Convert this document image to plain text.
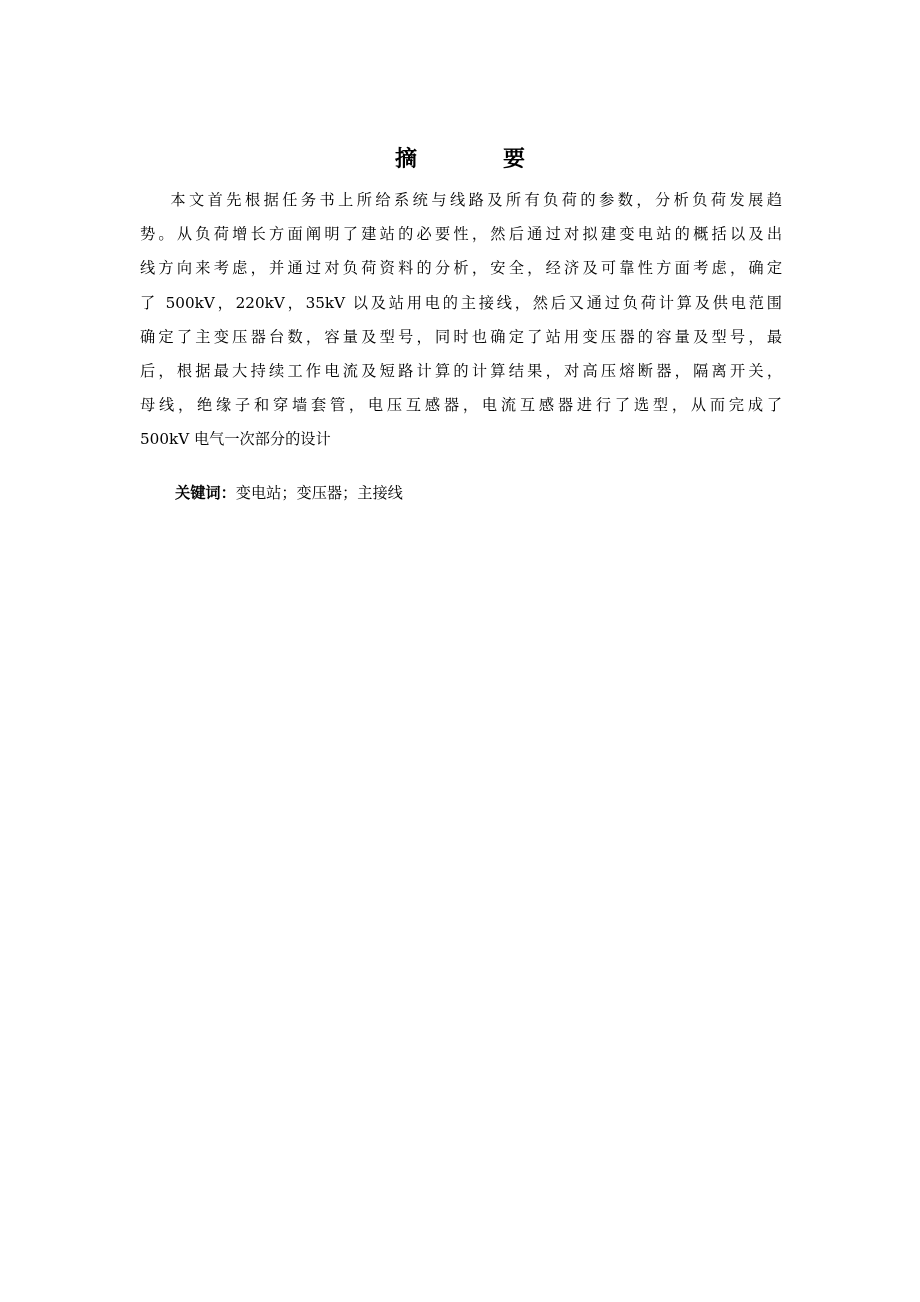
摘	要
本文首先根据任务书上所给系统与线路及所有负荷的参数，分析负荷发展趋
势。从负荷增长方面阐明了建站的必要性，然后通过对拟建变电站的概括以及出
线方向来考虑，并通过对负荷资料的分析，安全，经济及可靠性方面考虑，确定
了 500kV，220kV，35kV 以及站用电的主接线，然后又通过负荷计算及供电范围
确定了主变压器台数，容量及型号，同时也确定了站用变压器的容量及型号，最
后，根据最大持续工作电流及短路计算的计算结果，对高压熔断器，隔离开关，
母线，绝缘子和穿墙套管，电压互感器，电流互感器进行了选型，从而完成了
500kV 电气一次部分的设计
关键词：变电站；变压器；主接线
